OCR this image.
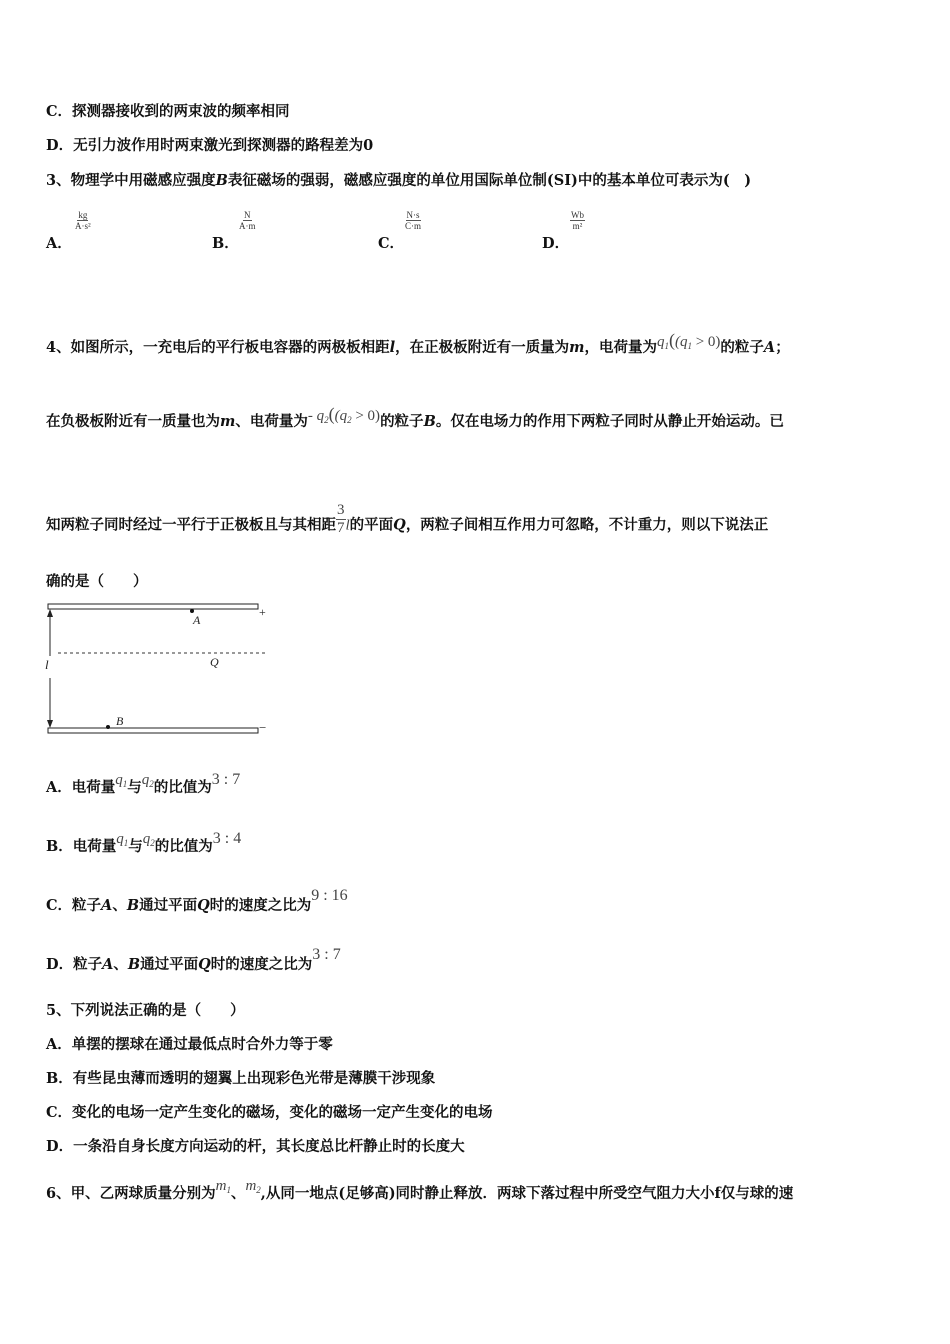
C．探测器接收到的两束波的频率相同
D．无引力波作用时两束激光到探测器的路程差为0
3、物理学中用磁感应强度B表征磁场的强弱，磁感应强度的单位用国际单位制(SI)中的基本单位可表示为(　)
A．
$\frac{kg}{\text{A·s²}}$
B．
$\frac{N}{A\cdot m}$
C．
$\frac{N\cdot s}{C\cdot m}$
D．
$\frac{Wb}{\text{m²}}$
4、如图所示，一充电后的平行板电容器的两极板相距l，在正极板附近有一质量为m，电荷量为$q_1((q_1 > 0)$的粒子A；
在负极板附近有一质量也为m、电荷量为- $q_2((q_2 > 0)$的粒子B。仅在电场力的作用下两粒子同时从静止开始运动。已
知两粒子同时经过一平行于正极板且与其相距 $\frac{3}{7}$ l的平面Q，两粒子间相互作用力可忽略，不计重力，则以下说法正
确的是（　　）
+
−
l	Q
A
B
A．电荷量$q_1$与$q_2$的比值为3 : 7
B．电荷量$q_1$与$q_2$的比值为3 : 4
C．粒子A、B通过平面Q时的速度之比为9 : 16
D．粒子A、B通过平面Q时的速度之比为3 : 7
5、下列说法正确的是（　　）
A．单摆的摆球在通过最低点时合外力等于零
B．有些昆虫薄而透明的翅翼上出现彩色光带是薄膜干涉现象
C．变化的电场一定产生变化的磁场，变化的磁场一定产生变化的电场
D．一条沿自身长度方向运动的杆，其长度总比杆静止时的长度大
6、甲、乙两球质量分别为$m_1$、$m_2$,从同一地点(足够高)同时静止释放．两球下落过程中所受空气阻力大小f仅与球的速
